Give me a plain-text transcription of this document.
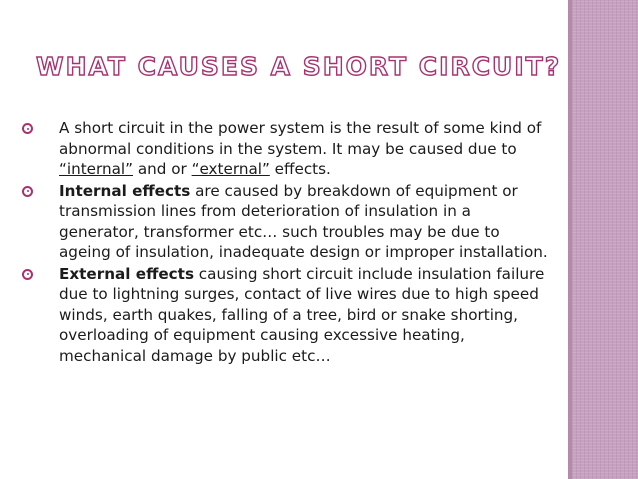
WHAT CAUSES A SHORT CIRCUIT?
A short circuit in the power system is the result of some kind of abnormal conditions in the system. It may be caused due to “internal” and or “external” effects.
Internal effects are caused by breakdown of equipment or transmission lines from deterioration of insulation in a generator, transformer etc… such troubles may be due to ageing of insulation, inadequate design or improper installation.
External effects causing short circuit include insulation failure due to lightning surges, contact of live wires due to high speed winds, earth quakes, falling of a tree, bird or snake shorting, overloading of equipment causing excessive heating, mechanical damage by public etc…
